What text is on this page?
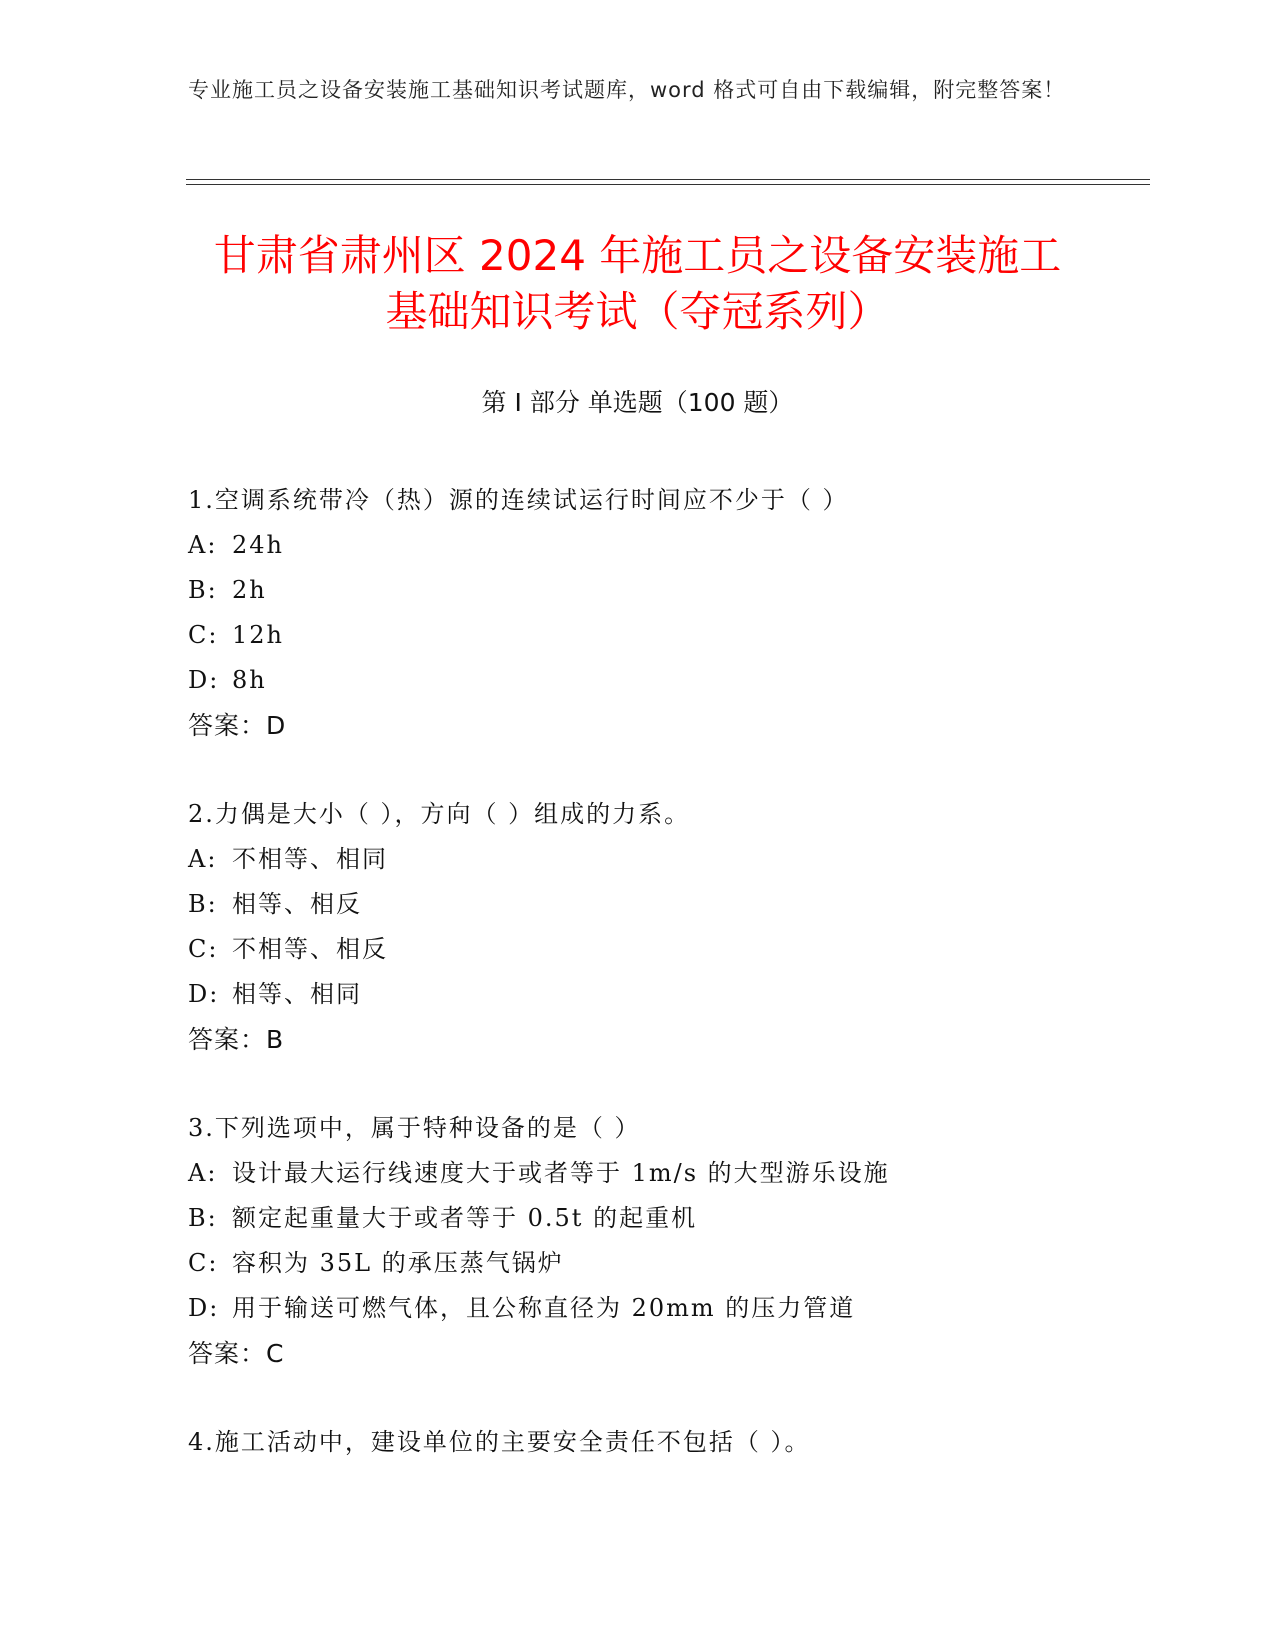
专业施工员之设备安装施工基础知识考试题库，word 格式可自由下载编辑，附完整答案！
甘肃省肃州区 2024 年施工员之设备安装施工
基础知识考试（夺冠系列）
第 I 部分 单选题（100 题）
1.空调系统带冷（热）源的连续试运行时间应不少于（ ）
A: 24h
B: 2h
C: 12h
D: 8h
答案：D
2.力偶是大小（ ），方向（ ）组成的力系。
A: 不相等、相同
B: 相等、相反
C: 不相等、相反
D: 相等、相同
答案：B
3.下列选项中，属于特种设备的是（ ）
A: 设计最大运行线速度大于或者等于 1m/s 的大型游乐设施
B: 额定起重量大于或者等于 0.5t 的起重机
C: 容积为 35L 的承压蒸气锅炉
D: 用于输送可燃气体，且公称直径为 20mm 的压力管道
答案：C
4.施工活动中，建设单位的主要安全责任不包括（ ）。
